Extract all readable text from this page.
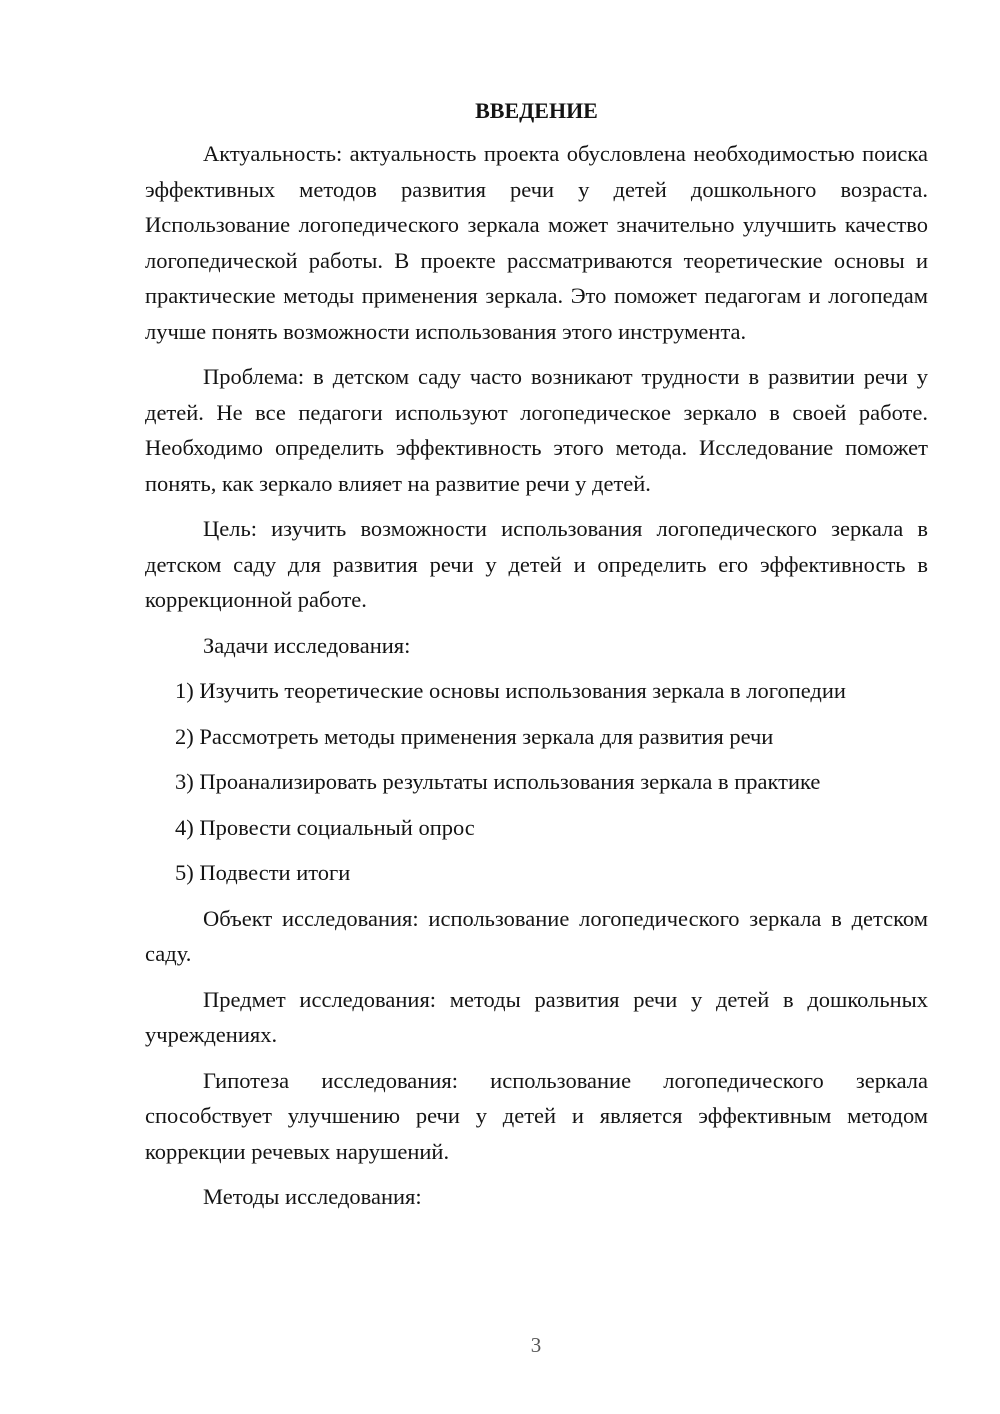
ВВЕДЕНИЕ

Актуальность: актуальность проекта обусловлена необходимостью поиска эффективных методов развития речи у детей дошкольного возраста. Использование логопедического зеркала может значительно улучшить качество логопедической работы. В проекте рассматриваются теоретические основы и практические методы применения зеркала. Это поможет педагогам и логопедам лучше понять возможности использования этого инструмента.

Проблема: в детском саду часто возникают трудности в развитии речи у детей. Не все педагоги используют логопедическое зеркало в своей работе. Необходимо определить эффективность этого метода. Исследование поможет понять, как зеркало влияет на развитие речи у детей.

Цель: изучить возможности использования логопедического зеркала в детском саду для развития речи у детей и определить его эффективность в коррекционной работе.

Задачи исследования:

1) Изучить теоретические основы использования зеркала в логопедии
2) Рассмотреть методы применения зеркала для развития речи
3) Проанализировать результаты использования зеркала в практике
4) Провести социальный опрос
5) Подвести итоги

Объект исследования: использование логопедического зеркала в детском саду.

Предмет исследования: методы развития речи у детей в дошкольных учреждениях.

Гипотеза исследования: использование логопедического зеркала способствует улучшению речи у детей и является эффективным методом коррекции речевых нарушений.

Методы исследования:

3
